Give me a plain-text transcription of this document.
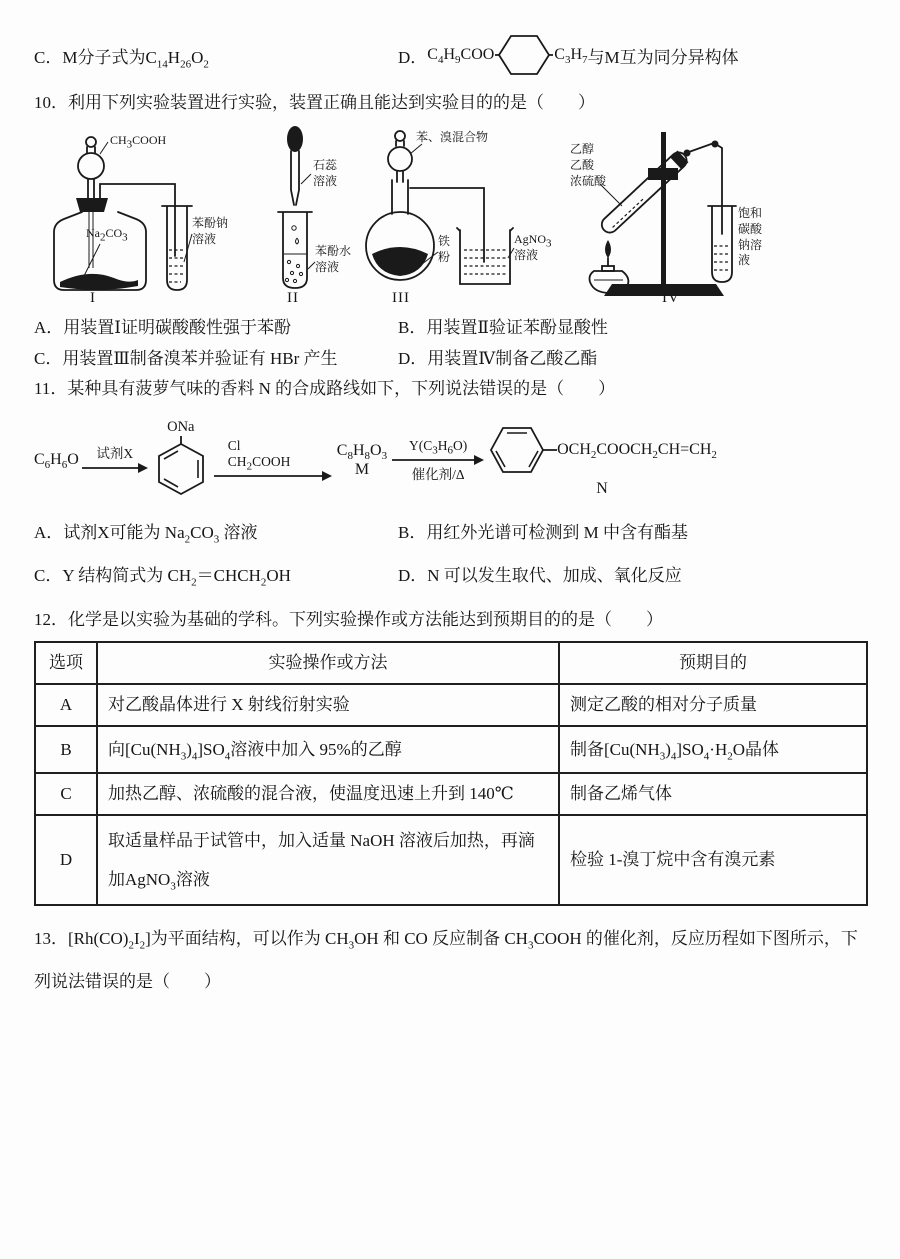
C．M分子式为$C_{14}H_{26}O_2$	D． $C_4H_9COO$	$C_3H_7$ 与M互为同分异构体
10．利用下列实验装置进行实验，装置正确且能达到实验目的的是（　　）
$CH_3COOH$
$Na_2CO_3$
苯酚钠
溶液
I
石蕊
溶液
苯酚水
溶液
II
苯、溴混合物
铁
粉
AgNO$_3$
溶液
III
乙醇
乙酸
浓硫酸
饱和
碳酸
钠溶
液
IV
A．用装置Ⅰ证明碳酸酸性强于苯酚	B．用装置Ⅱ验证苯酚显酸性
C．用装置Ⅲ制备溴苯并验证有 HBr 产生	D．用装置Ⅳ制备乙酸乙酯
11．某种具有菠萝气味的香料 N 的合成路线如下，下列说法错误的是（　　）
$C_6H_6O$ 试剂X
ONa
Cl
$CH_2COOH$
$C_8H_8O_3$
M
$Y(C_3H_6O)$
催化剂/Δ
$OCH_2COOCH_2CH=CH_2$
N
A．试剂X可能为 $Na_2CO_3$ 溶液	B．用红外光谱可检测到 M 中含有酯基
C．Y 结构简式为 $CH_2=CHCH_2OH$	D．N 可以发生取代、加成、氧化反应
12．化学是以实验为基础的学科。下列实验操作或方法能达到预期目的的是（　　）
选项	实验操作或方法	预期目的
A	对乙酸晶体进行 X 射线衍射实验	测定乙酸的相对分子质量
B	向$[Cu(NH_3)_4]SO_4$溶液中加入 95%的乙醇	制备$[Cu(NH_3)_4]SO_4\cdot H_2O$晶体
C	加热乙醇、浓硫酸的混合液，使温度迅速上升到 140℃	制备乙烯气体
D	取适量样品于试管中，加入适量 NaOH 溶液后加热，再滴加AgNO$_3$溶液	检验 1-溴丁烷中含有溴元素
13．$[Rh(CO)_2I_2]$为平面结构，可以作为 $CH_3OH$ 和 CO 反应制备 $CH_3COOH$ 的催化剂，反应历程如下图所示，下列说法错误的是（　　）
